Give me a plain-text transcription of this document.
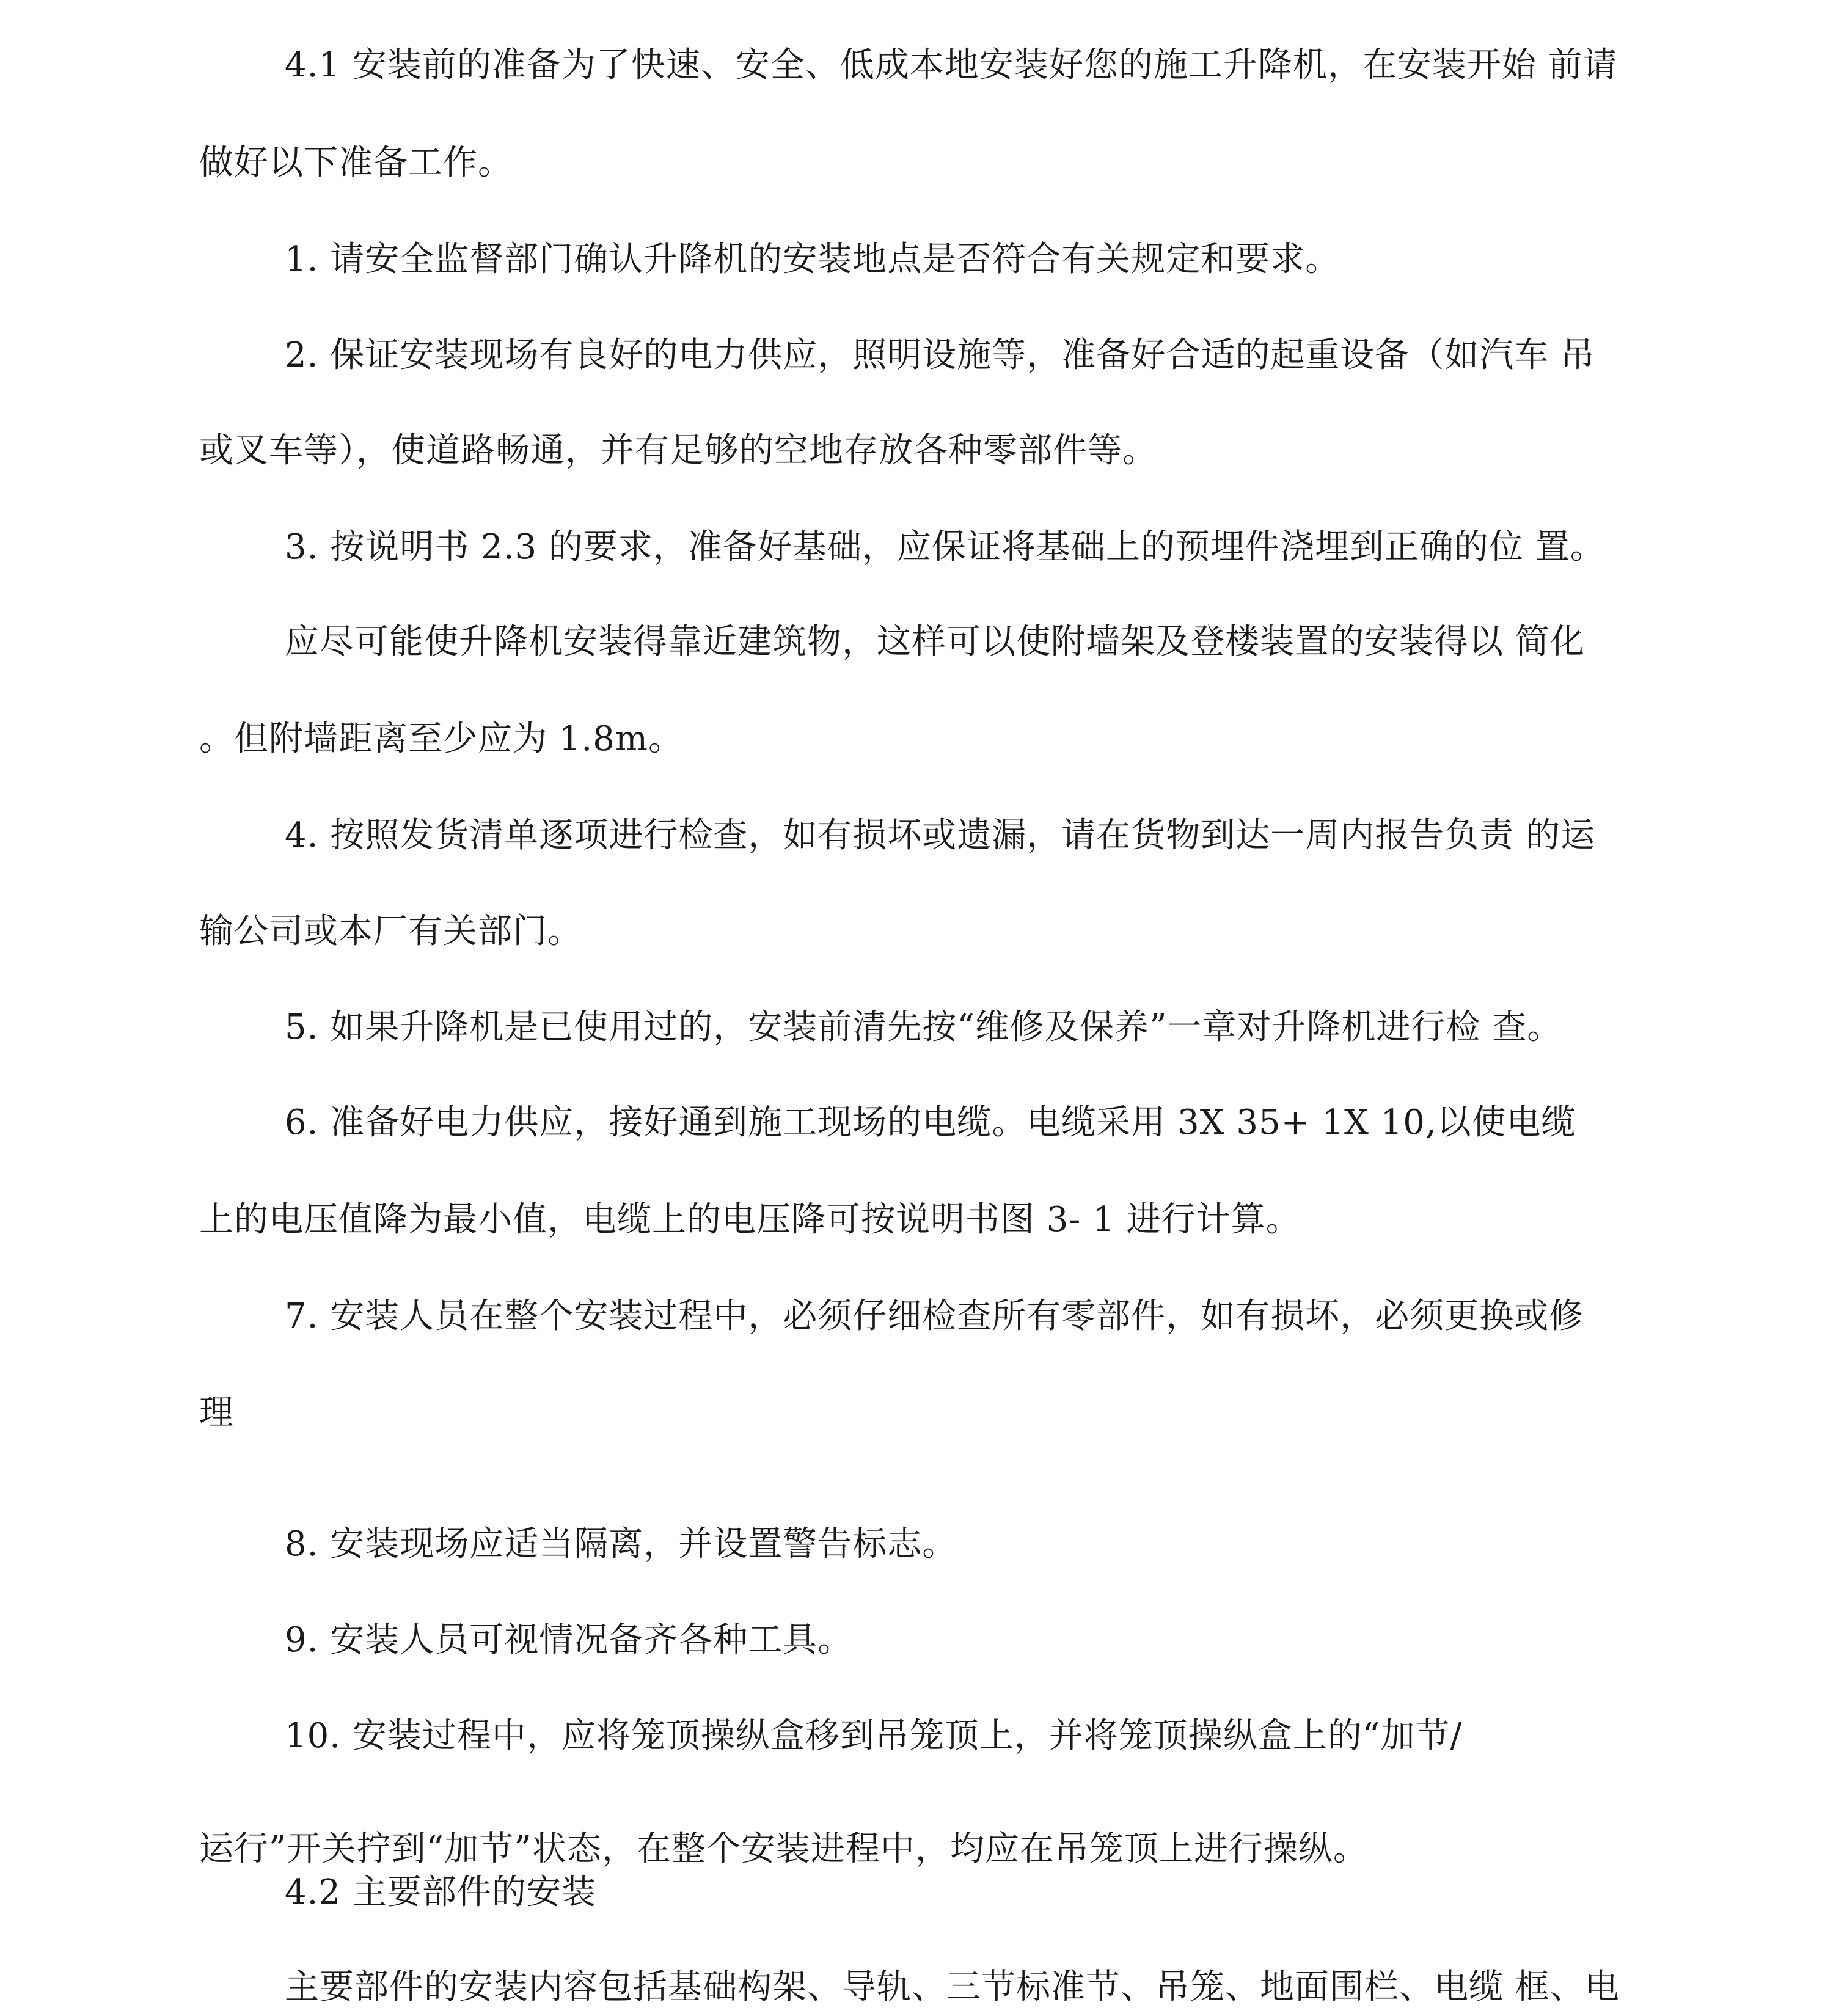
4.1 安装前的准备为了快速、安全、低成本地安装好您的施工升降机，在安装开始 前请
做好以下准备工作。
1. 请安全监督部门确认升降机的安装地点是否符合有关规定和要求。
2. 保证安装现场有良好的电力供应，照明设施等，准备好合适的起重设备（如汽车 吊
或叉车等），使道路畅通，并有足够的空地存放各种零部件等。
3. 按说明书 2.3 的要求，准备好基础，应保证将基础上的预埋件浇埋到正确的位 置。
应尽可能使升降机安装得靠近建筑物，这样可以使附墙架及登楼装置的安装得以 简化
。但附墙距离至少应为 1.8m。
4. 按照发货清单逐项进行检查，如有损坏或遗漏，请在货物到达一周内报告负责 的运
输公司或本厂有关部门。
5. 如果升降机是已使用过的，安装前清先按“维修及保养”一章对升降机进行检 查。
6. 准备好电力供应，接好通到施工现场的电缆。电缆采用 3X 35+ 1X 10,以使电缆
上的电压值降为最小值，电缆上的电压降可按说明书图 3- 1 进行计算。
7. 安装人员在整个安装过程中，必须仔细检查所有零部件，如有损坏，必须更换或修
理
8. 安装现场应适当隔离，并设置警告标志。
9. 安装人员可视情况备齐各种工具。
10. 安装过程中，应将笼顶操纵盒移到吊笼顶上，并将笼顶操纵盒上的“加节/
运行”开关拧到“加节”状态，在整个安装进程中，均应在吊笼顶上进行操纵。
4.2 主要部件的安装
主要部件的安装内容包括基础构架、导轨、三节标准节、吊笼、地面围栏、电缆 框、电
